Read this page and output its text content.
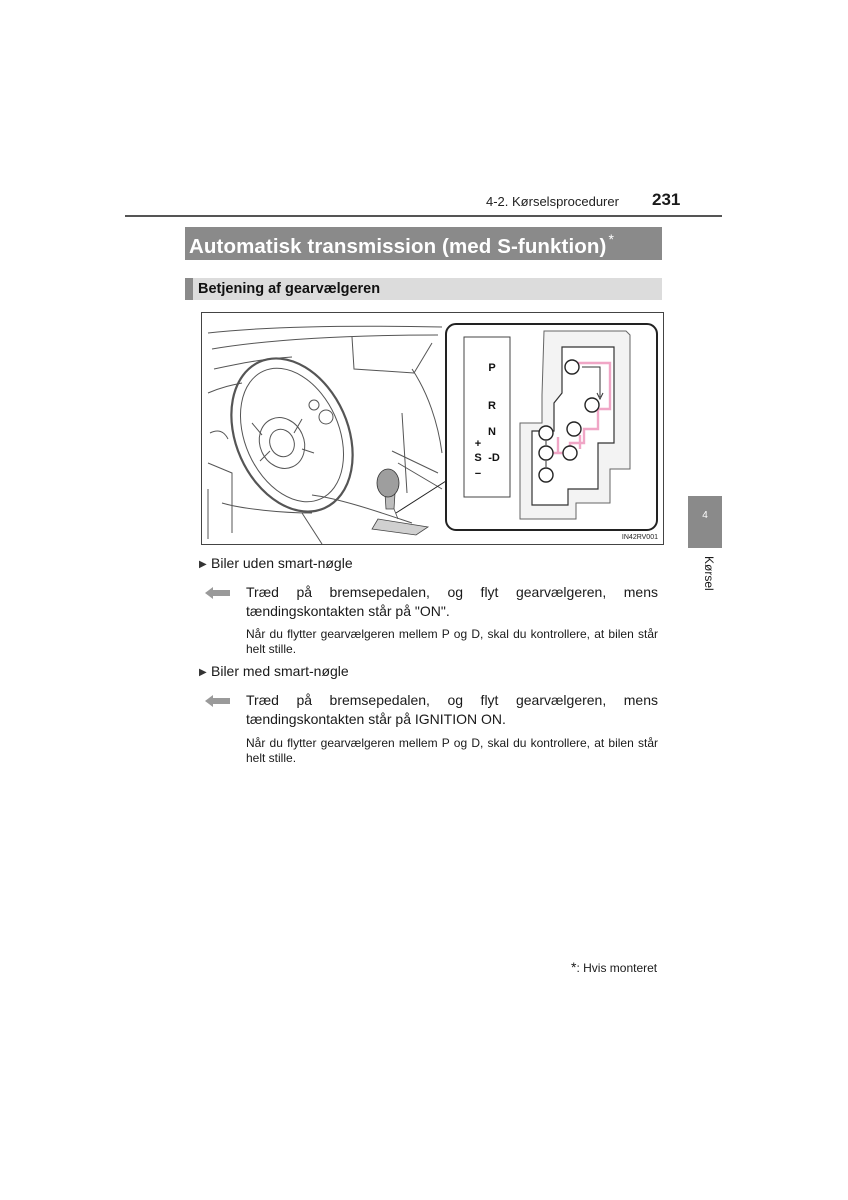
4-2. Kørselsprocedurer 231
Automatisk transmission (med S-funktion) *
Betjening af gearvælgeren
P
R
N
+
S -D
−
IN42RV001
▶ Biler uden smart-nøgle
Træd på bremsepedalen, og flyt gearvælgeren, mens tændingskontakten står på "ON".
Når du flytter gearvælgeren mellem P og D, skal du kontrollere, at bilen står helt stille.
▶ Biler med smart-nøgle
Træd på bremsepedalen, og flyt gearvælgeren, mens tændingskontakten står på IGNITION ON.
Når du flytter gearvælgeren mellem P og D, skal du kontrollere, at bilen står helt stille.
4
Kørsel
*: Hvis monteret
